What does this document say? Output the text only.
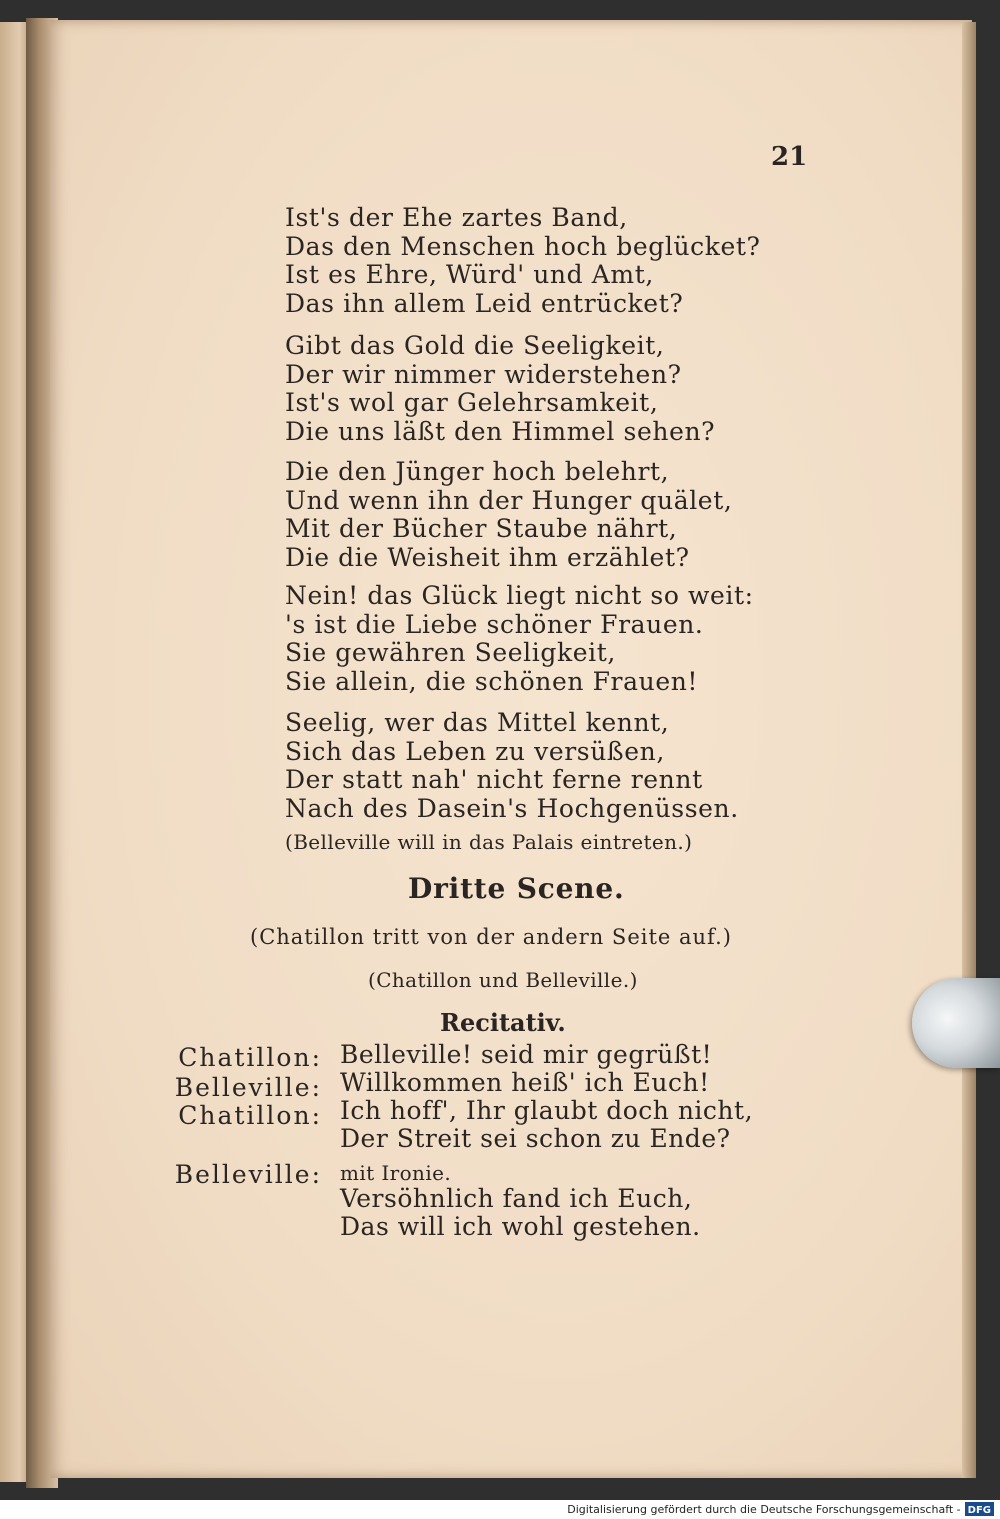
21
Ist's der Ehe zartes Band,
Das den Menschen hoch beglücket?
Ist es Ehre, Würd' und Amt,
Das ihn allem Leid entrücket?
Gibt das Gold die Seeligkeit,
Der wir nimmer widerstehen?
Ist's wol gar Gelehrsamkeit,
Die uns läßt den Himmel sehen?
Die den Jünger hoch belehrt,
Und wenn ihn der Hunger quälet,
Mit der Bücher Staube nährt,
Die die Weisheit ihm erzählet?
Nein! das Glück liegt nicht so weit:
's ist die Liebe schöner Frauen.
Sie gewähren Seeligkeit,
Sie allein, die schönen Frauen!
Seelig, wer das Mittel kennt,
Sich das Leben zu versüßen,
Der statt nah' nicht ferne rennt
Nach des Dasein's Hochgenüssen.
(Belleville will in das Palais eintreten.)
Dritte Scene.
(Chatillon tritt von der andern Seite auf.)
(Chatillon und Belleville.)
Recitativ.
Chatillon: Belleville! seid mir gegrüßt!
Belleville: Willkommen heiß' ich Euch!
Chatillon: Ich hoff', Ihr glaubt doch nicht,
Der Streit sei schon zu Ende?
Belleville: mit Ironie.
Versöhnlich fand ich Euch,
Das will ich wohl gestehen.
Digitalisierung gefördert durch die Deutsche Forschungsgemeinschaft - DFG
